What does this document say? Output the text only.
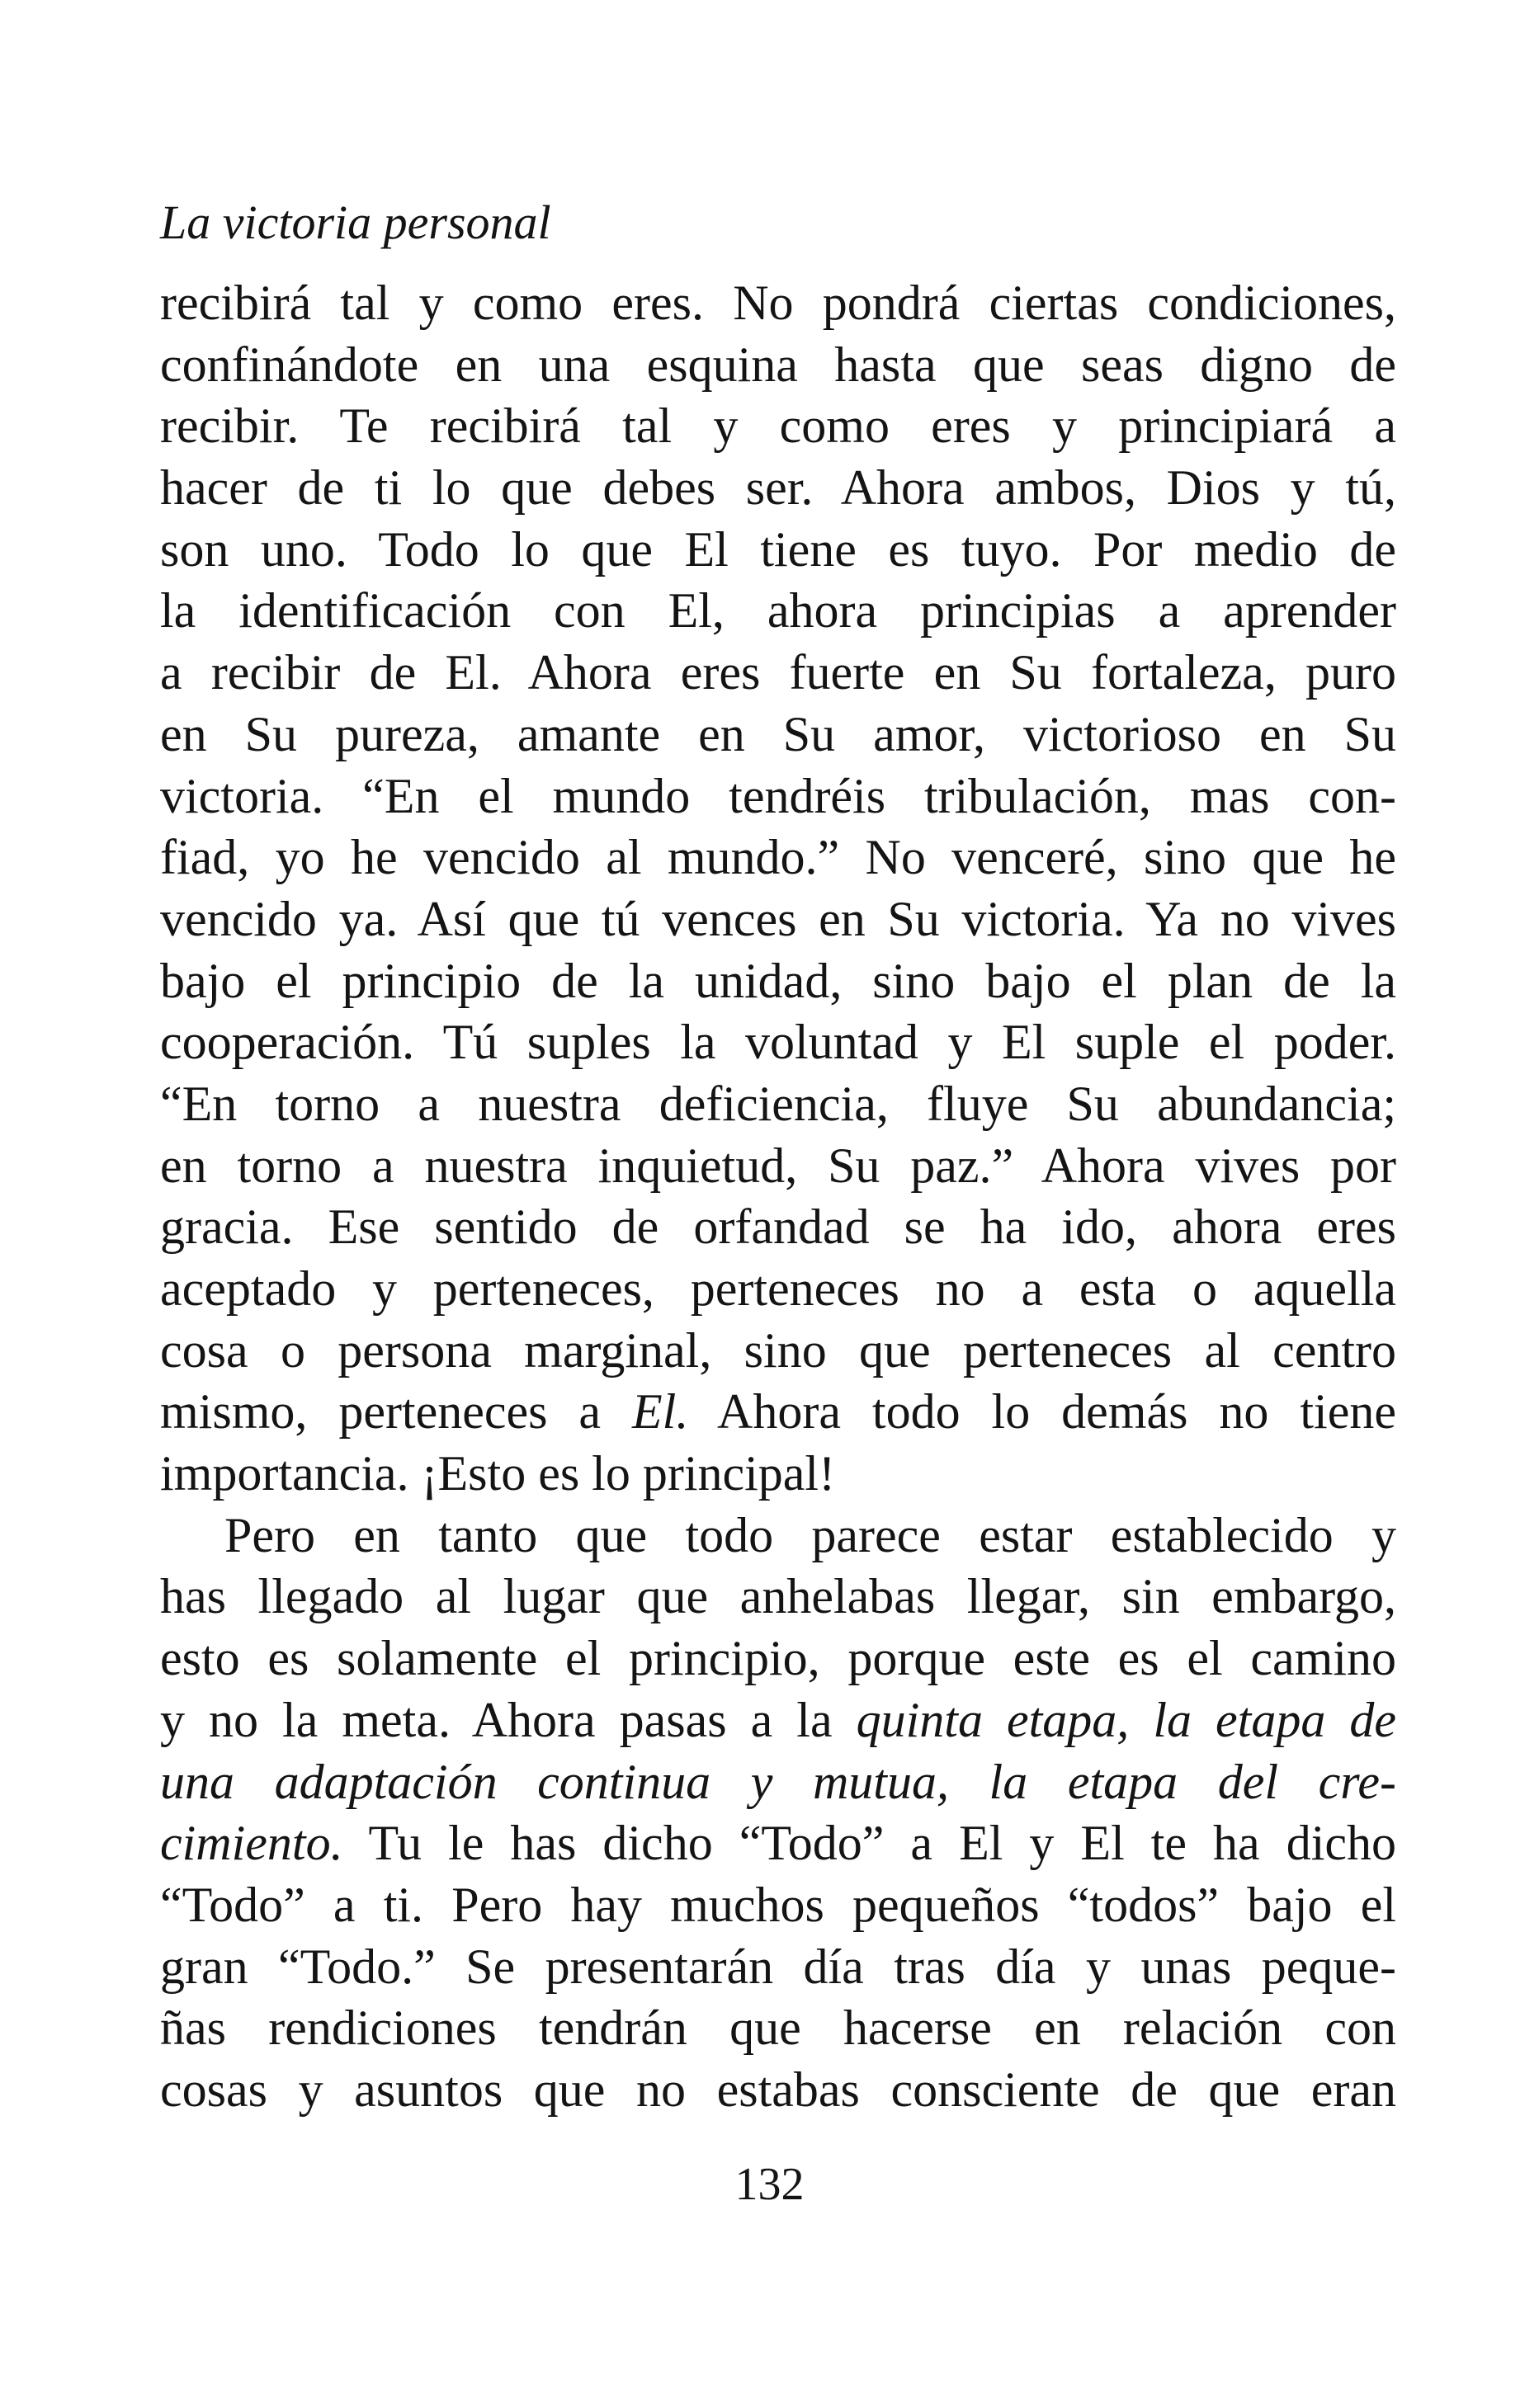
La victoria personal
recibirá tal y como eres. No pondrá ciertas condiciones,
confinándote en una esquina hasta que seas digno de
recibir. Te recibirá tal y como eres y principiará a
hacer de ti lo que debes ser. Ahora ambos, Dios y tú,
son uno. Todo lo que El tiene es tuyo. Por medio de
la identificación con El, ahora principias a aprender
a recibir de El. Ahora eres fuerte en Su fortaleza, puro
en Su pureza, amante en Su amor, victorioso en Su
victoria. “En el mundo tendréis tribulación, mas con-
fiad, yo he vencido al mundo.” No venceré, sino que he
vencido ya. Así que tú vences en Su victoria. Ya no vives
bajo el principio de la unidad, sino bajo el plan de la
cooperación. Tú suples la voluntad y El suple el poder.
“En torno a nuestra deficiencia, fluye Su abundancia;
en torno a nuestra inquietud, Su paz.” Ahora vives por
gracia. Ese sentido de orfandad se ha ido, ahora eres
aceptado y perteneces, perteneces no a esta o aquella
cosa o persona marginal, sino que perteneces al centro
mismo, perteneces a El. Ahora todo lo demás no tiene
importancia. ¡Esto es lo principal!
Pero en tanto que todo parece estar establecido y
has llegado al lugar que anhelabas llegar, sin embargo,
esto es solamente el principio, porque este es el camino
y no la meta. Ahora pasas a la quinta etapa, la etapa de
una adaptación continua y mutua, la etapa del cre-
cimiento. Tu le has dicho “Todo” a El y El te ha dicho
“Todo” a ti. Pero hay muchos pequeños “todos” bajo el
gran “Todo.” Se presentarán día tras día y unas peque-
ñas rendiciones tendrán que hacerse en relación con
cosas y asuntos que no estabas consciente de que eran
132
